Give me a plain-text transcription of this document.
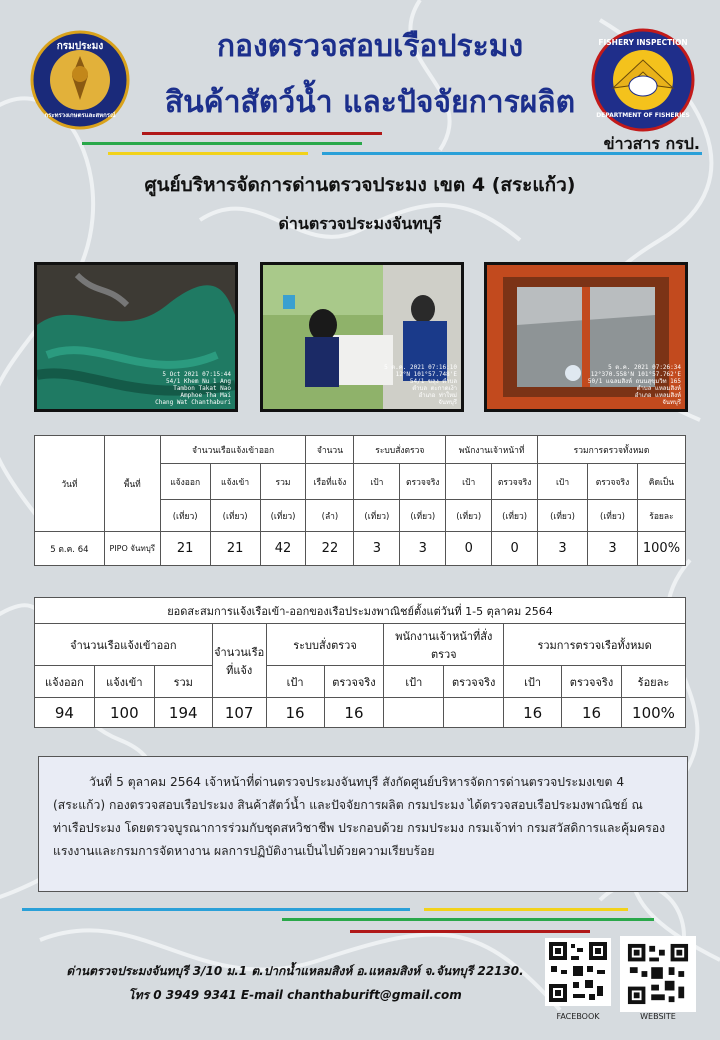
กรมประมง
กระทรวงเกษตรและสหกรณ์
FISHERY INSPECTION
DEPARTMENT OF FISHERIES
กองตรวจสอบเรือประมง
สินค้าสัตว์น้ำ และปัจจัยการผลิต
ข่าวสาร กรป.
ศูนย์บริหารจัดการด่านตรวจประมง เขต 4 (สระแก้ว)
ด่านตรวจประมงจันทบุรี
5 Oct 2021 07:15:44
54/1 Khem Nu 1 Ang
Tambon Takat Nao
Amphoe Tha Mai
Chang Wat Chanthaburi
5 ต.ค. 2021 07:16:10
12°N 101°57.748'E
54/1 ขลุง ตำบล
ตำบล ตะกาดเง้า
อำเภอ ท่าใหม่
จันทบุรี
5 ต.ค. 2021 07:26:34
12°370.558'N 101°57.762'E
50/1 แฉลมสิงห์ ถนนสุขุมวิท 165
ตำบล แหลมสิงห์
อำเภอ แหลมสิงห์
จันทบุรี
วันที่	พื้นที่	จำนวนเรือแจ้งเข้าออก			จำนวน	ระบบสั่งตรวจ		พนักงานเจ้าหน้าที่		รวมการตรวจทั้งหมด		
		แจ้งออก	แจ้งเข้า	รวม	เรือที่แจ้ง	เป้า	ตรวจจริง	เป้า	ตรวจจริง	เป้า	ตรวจจริง	คิดเป็น
		(เที่ยว)	(เที่ยว)	(เที่ยว)	(ลำ)	(เที่ยว)	(เที่ยว)	(เที่ยว)	(เที่ยว)	(เที่ยว)	(เที่ยว)	ร้อยละ
5 ต.ค. 64	PIPO จันทบุรี	21	21	42	22	3	3	0	0	3	3	100%
ยอดสะสมการแจ้งเรือเข้า-ออกของเรือประมงพาณิชย์ตั้งแต่วันที่ 1-5 ตุลาคม 2564										
จำนวนเรือแจ้งเข้าออก			จำนวนเรือที่แจ้ง	ระบบสั่งตรวจ		พนักงานเจ้าหน้าที่สั่งตรวจ		รวมการตรวจเรือทั้งหมด		
แจ้งออก	แจ้งเข้า	รวม		เป้า	ตรวจจริง	เป้า	ตรวจจริง	เป้า	ตรวจจริง	ร้อยละ
94	100	194	107	16	16			16	16	100%

วันที่ 5 ตุลาคม 2564 เจ้าหน้าที่ด่านตรวจประมงจันทบุรี สังกัดศูนย์บริหารจัดการด่านตรวจประมงเขต 4 (สระแก้ว) กองตรวจสอบเรือประมง สินค้าสัตว์น้ำ และปัจจัยการผลิต กรมประมง ได้ตรวจสอบเรือประมงพาณิชย์ ณ ท่าเรือประมง โดยตรวจบูรณาการร่วมกับชุดสหวิชาชีพ ประกอบด้วย กรมประมง กรมเจ้าท่า กรมสวัสดิการและคุ้มครองแรงงานและกรมการจัดหางาน ผลการปฏิบัติงานเป็นไปด้วยความเรียบร้อย

ด่านตรวจประมงจันทบุรี 3/10 ม.1 ต.ปากน้ำแหลมสิงห์ อ.แหลมสิงห์ จ.จันทบุรี 22130.
โทร 0 3949 9341 E-mail chanthaburift@gmail.com
FACEBOOK	WEBSITE
